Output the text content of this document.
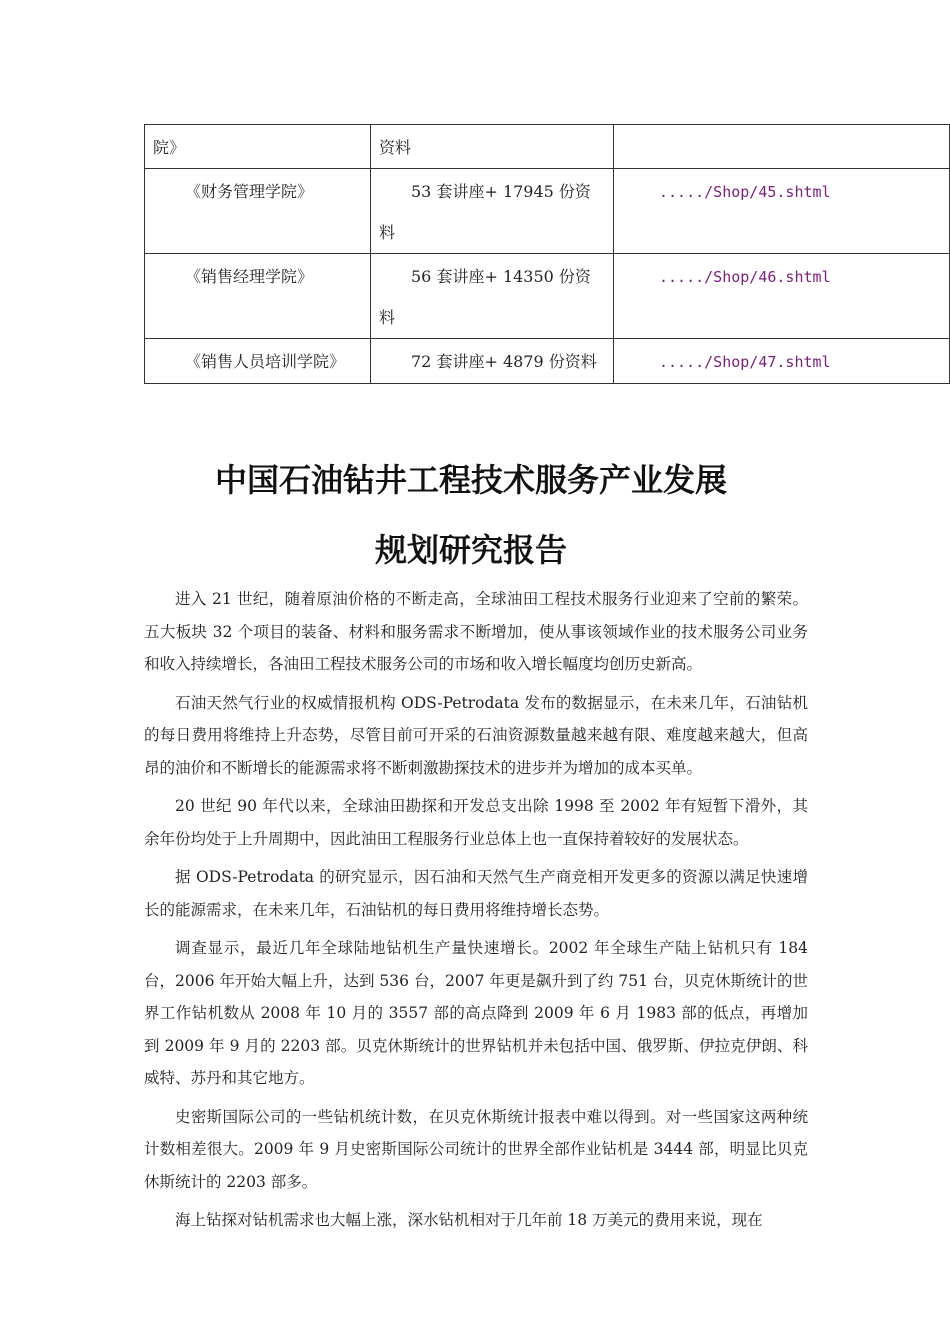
院》	资料	
《财务管理学院》	53 套讲座+ 17945 份资料	...../Shop/45.shtml
《销售经理学院》	56 套讲座+ 14350 份资料	...../Shop/46.shtml
《销售人员培训学院》	72 套讲座+ 4879 份资料	...../Shop/47.shtml
中国石油钻井工程技术服务产业发展
规划研究报告

进入 21 世纪，随着原油价格的不断走高，全球油田工程技术服务行业迎来了空前的繁荣。五大板块 32 个项目的装备、材料和服务需求不断增加，使从事该领域作业的技术服务公司业务和收入持续增长，各油田工程技术服务公司的市场和收入增长幅度均创历史新高。

石油天然气行业的权威情报机构 ODS-Petrodata 发布的数据显示，在未来几年，石油钻机的每日费用将维持上升态势，尽管目前可开采的石油资源数量越来越有限、难度越来越大，但高昂的油价和不断增长的能源需求将不断刺激勘探技术的进步并为增加的成本买单。

20 世纪 90 年代以来，全球油田勘探和开发总支出除 1998 至 2002 年有短暂下滑外，其余年份均处于上升周期中，因此油田工程服务行业总体上也一直保持着较好的发展状态。

据 ODS-Petrodata 的研究显示，因石油和天然气生产商竞相开发更多的资源以满足快速增长的能源需求，在未来几年，石油钻机的每日费用将维持增长态势。

调查显示，最近几年全球陆地钻机生产量快速增长。2002 年全球生产陆上钻机只有 184 台，2006 年开始大幅上升，达到 536 台，2007 年更是飙升到了约 751 台，贝克休斯统计的世界工作钻机数从 2008 年 10 月的 3557 部的高点降到 2009 年 6 月 1983 部的低点，再增加到 2009 年 9 月的 2203 部。贝克休斯统计的世界钻机并未包括中国、俄罗斯、伊拉克伊朗、科威特、苏丹和其它地方。

史密斯国际公司的一些钻机统计数，在贝克休斯统计报表中难以得到。对一些国家这两种统计数相差很大。2009 年 9 月史密斯国际公司统计的世界全部作业钻机是 3444 部，明显比贝克休斯统计的 2203 部多。

海上钻探对钻机需求也大幅上涨，深水钻机相对于几年前 18 万美元的费用来说，现在
